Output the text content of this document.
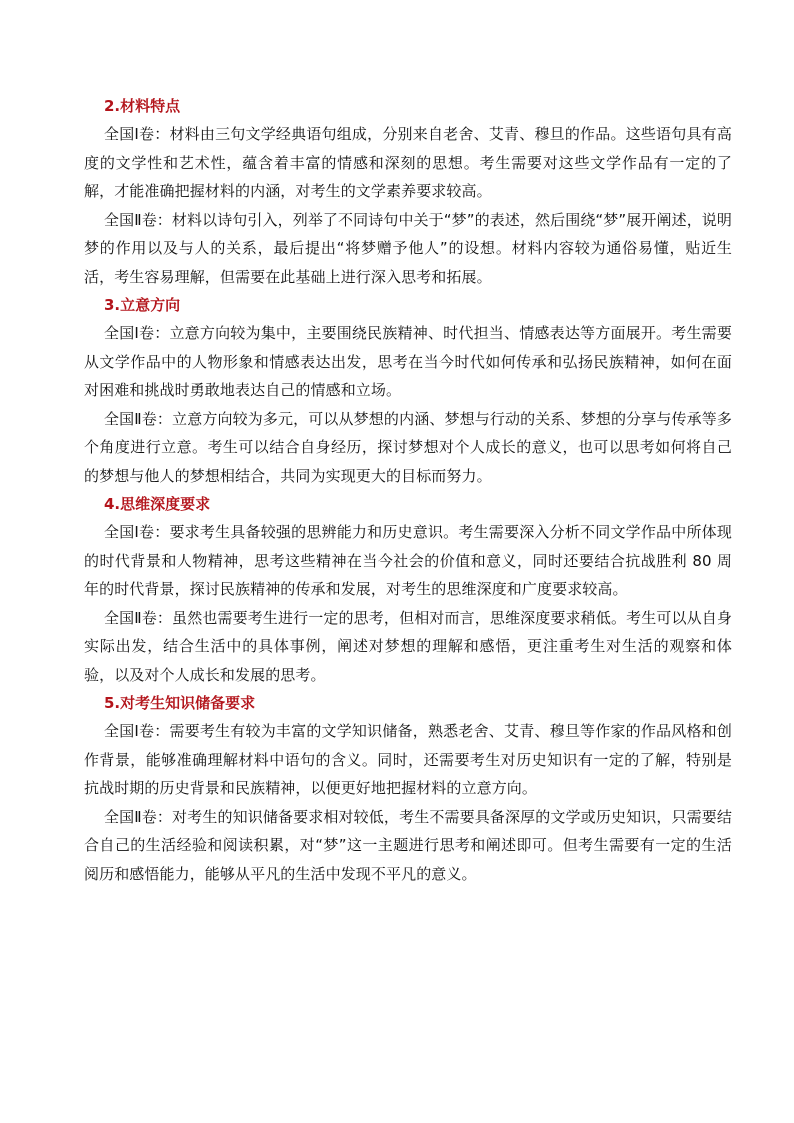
2.材料特点

全国Ⅰ卷：材料由三句文学经典语句组成，分别来自老舍、艾青、穆旦的作品。这些语句具有高度的文学性和艺术性，蕴含着丰富的情感和深刻的思想。考生需要对这些文学作品有一定的了解，才能准确把握材料的内涵，对考生的文学素养要求较高。

全国Ⅱ卷：材料以诗句引入，列举了不同诗句中关于“梦”的表述，然后围绕“梦”展开阐述，说明梦的作用以及与人的关系，最后提出“将梦赠予他人”的设想。材料内容较为通俗易懂，贴近生活，考生容易理解，但需要在此基础上进行深入思考和拓展。

3.立意方向

全国Ⅰ卷：立意方向较为集中，主要围绕民族精神、时代担当、情感表达等方面展开。考生需要从文学作品中的人物形象和情感表达出发，思考在当今时代如何传承和弘扬民族精神，如何在面对困难和挑战时勇敢地表达自己的情感和立场。

全国Ⅱ卷：立意方向较为多元，可以从梦想的内涵、梦想与行动的关系、梦想的分享与传承等多个角度进行立意。考生可以结合自身经历，探讨梦想对个人成长的意义，也可以思考如何将自己的梦想与他人的梦想相结合，共同为实现更大的目标而努力。

4.思维深度要求

全国Ⅰ卷：要求考生具备较强的思辨能力和历史意识。考生需要深入分析不同文学作品中所体现的时代背景和人物精神，思考这些精神在当今社会的价值和意义，同时还要结合抗战胜利 80 周年的时代背景，探讨民族精神的传承和发展，对考生的思维深度和广度要求较高。

全国Ⅱ卷：虽然也需要考生进行一定的思考，但相对而言，思维深度要求稍低。考生可以从自身实际出发，结合生活中的具体事例，阐述对梦想的理解和感悟，更注重考生对生活的观察和体验，以及对个人成长和发展的思考。

5.对考生知识储备要求

全国Ⅰ卷：需要考生有较为丰富的文学知识储备，熟悉老舍、艾青、穆旦等作家的作品风格和创作背景，能够准确理解材料中语句的含义。同时，还需要考生对历史知识有一定的了解，特别是抗战时期的历史背景和民族精神，以便更好地把握材料的立意方向。

全国Ⅱ卷：对考生的知识储备要求相对较低，考生不需要具备深厚的文学或历史知识，只需要结合自己的生活经验和阅读积累，对“梦”这一主题进行思考和阐述即可。但考生需要有一定的生活阅历和感悟能力，能够从平凡的生活中发现不平凡的意义。
